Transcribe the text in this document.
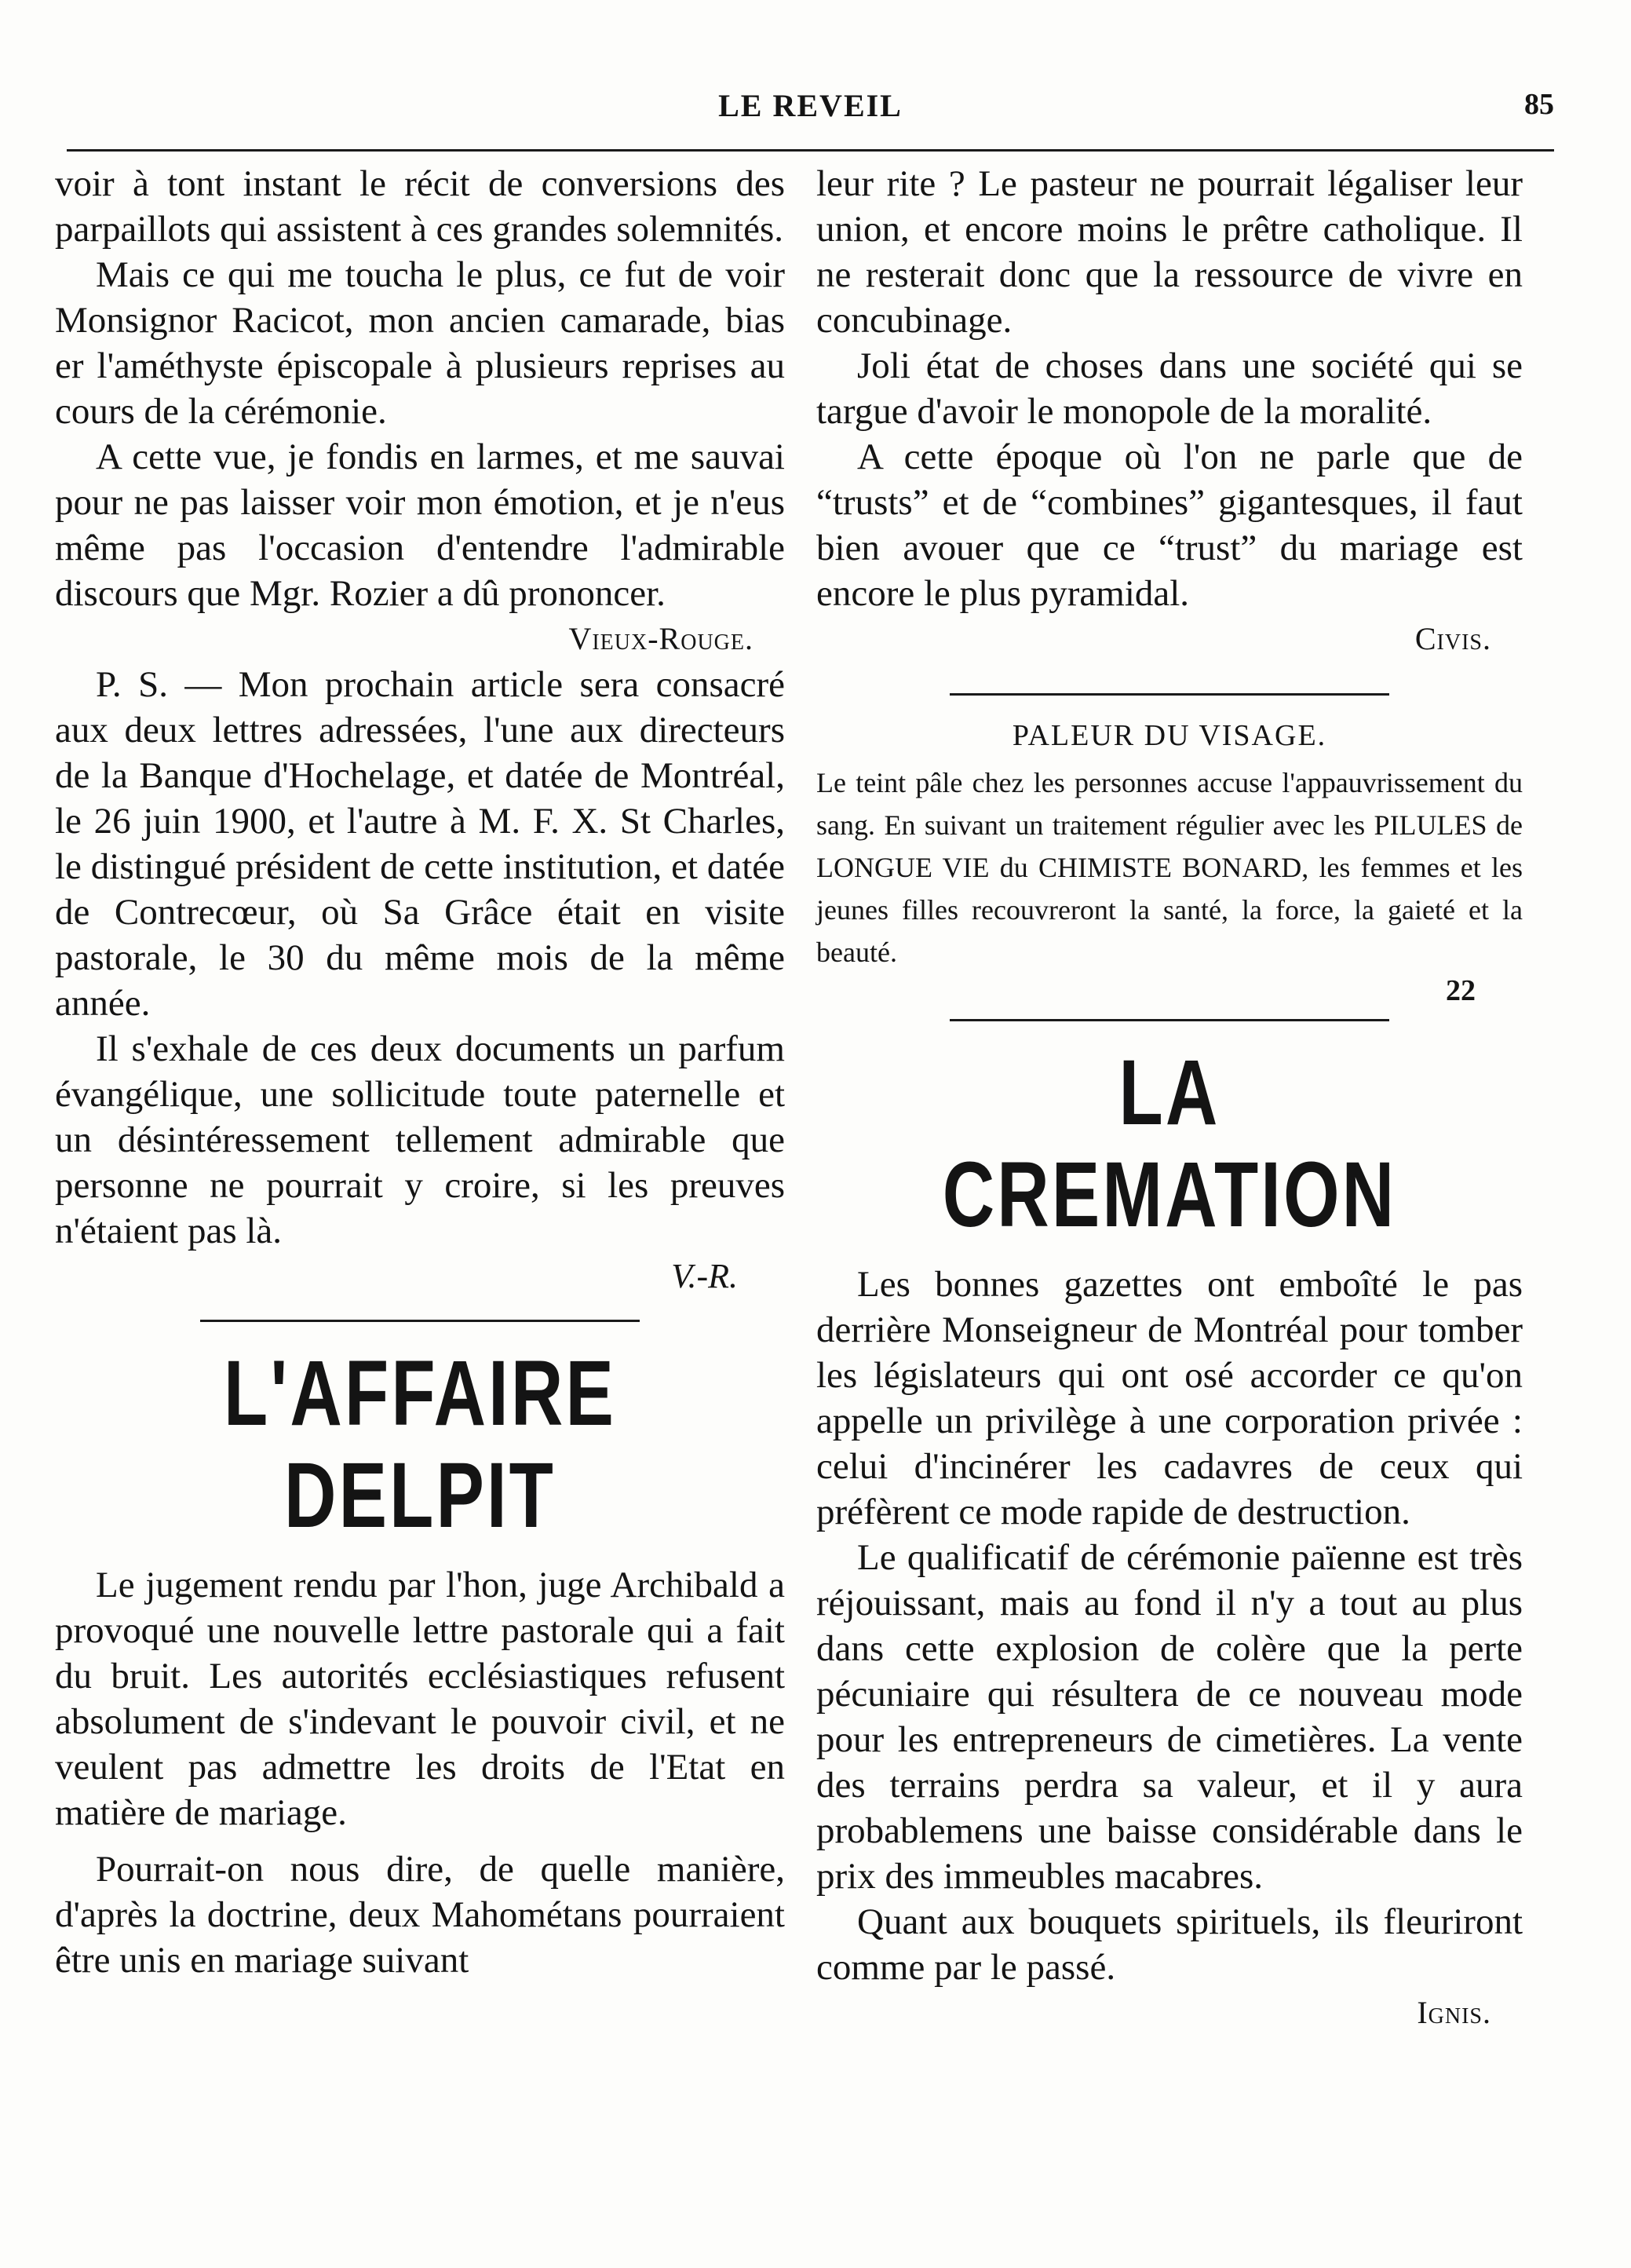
LE REVEIL	85

voir à tont instant le récit de conversions des parpaillots qui assistent à ces grandes solemnités.

Mais ce qui me toucha le plus, ce fut de voir Monsignor Racicot, mon ancien camarade, bias er l'améthyste épiscopale à plusieurs reprises au cours de la cérémonie.

A cette vue, je fondis en larmes, et me sauvai pour ne pas laisser voir mon émotion, et je n'eus même pas l'occasion d'entendre l'admirable discours que Mgr. Rozier a dû prononcer.

Vieux-Rouge.

P. S. — Mon prochain article sera consacré aux deux lettres adressées, l'une aux directeurs de la Banque d'Hochelage, et datée de Montréal, le 26 juin 1900, et l'autre à M. F. X. St Charles, le distingué président de cette institution, et datée de Contrecœur, où Sa Grâce était en visite pastorale, le 30 du même mois de la même année.

Il s'exhale de ces deux documents un parfum évangélique, une sollicitude toute paternelle et un désintéressement tellement admirable que personne ne pourrait y croire, si les preuves n'étaient pas là.

V.-R.
L'AFFAIRE DELPIT

Le jugement rendu par l'hon, juge Archibald a provoqué une nouvelle lettre pastorale qui a fait du bruit. Les autorités ecclésiastiques refusent absolument de s'indevant le pouvoir civil, et ne veulent pas admettre les droits de l'Etat en matière de mariage.

Pourrait-on nous dire, de quelle manière, d'après la doctrine, deux Mahométans pourraient être unis en mariage suivant

leur rite ? Le pasteur ne pourrait légaliser leur union, et encore moins le prêtre catholique. Il ne resterait donc que la ressource de vivre en concubinage.

Joli état de choses dans une société qui se targue d'avoir le monopole de la moralité.

A cette époque où l'on ne parle que de “trusts” et de “combines” gigantesques, il faut bien avouer que ce “trust” du mariage est encore le plus pyramidal.

Civis.
PALEUR DU VISAGE.

Le teint pâle chez les personnes accuse l'appauvrissement du sang. En suivant un traitement régulier avec les PILULES de LONGUE VIE du CHIMISTE BONARD, les femmes et les jeunes filles recouvreront la santé, la force, la gaieté et la beauté.

22
LA CREMATION

Les bonnes gazettes ont emboîté le pas derrière Monseigneur de Montréal pour tomber les législateurs qui ont osé accorder ce qu'on appelle un privilège à une corporation privée : celui d'incinérer les cadavres de ceux qui préfèrent ce mode rapide de destruction.

Le qualificatif de cérémonie païenne est très réjouissant, mais au fond il n'y a tout au plus dans cette explosion de colère que la perte pécuniaire qui résultera de ce nouveau mode pour les entrepreneurs de cimetières. La vente des terrains perdra sa valeur, et il y aura probablemens une baisse considérable dans le prix des immeubles macabres.

Quant aux bouquets spirituels, ils fleuriront comme par le passé.

Ignis.
